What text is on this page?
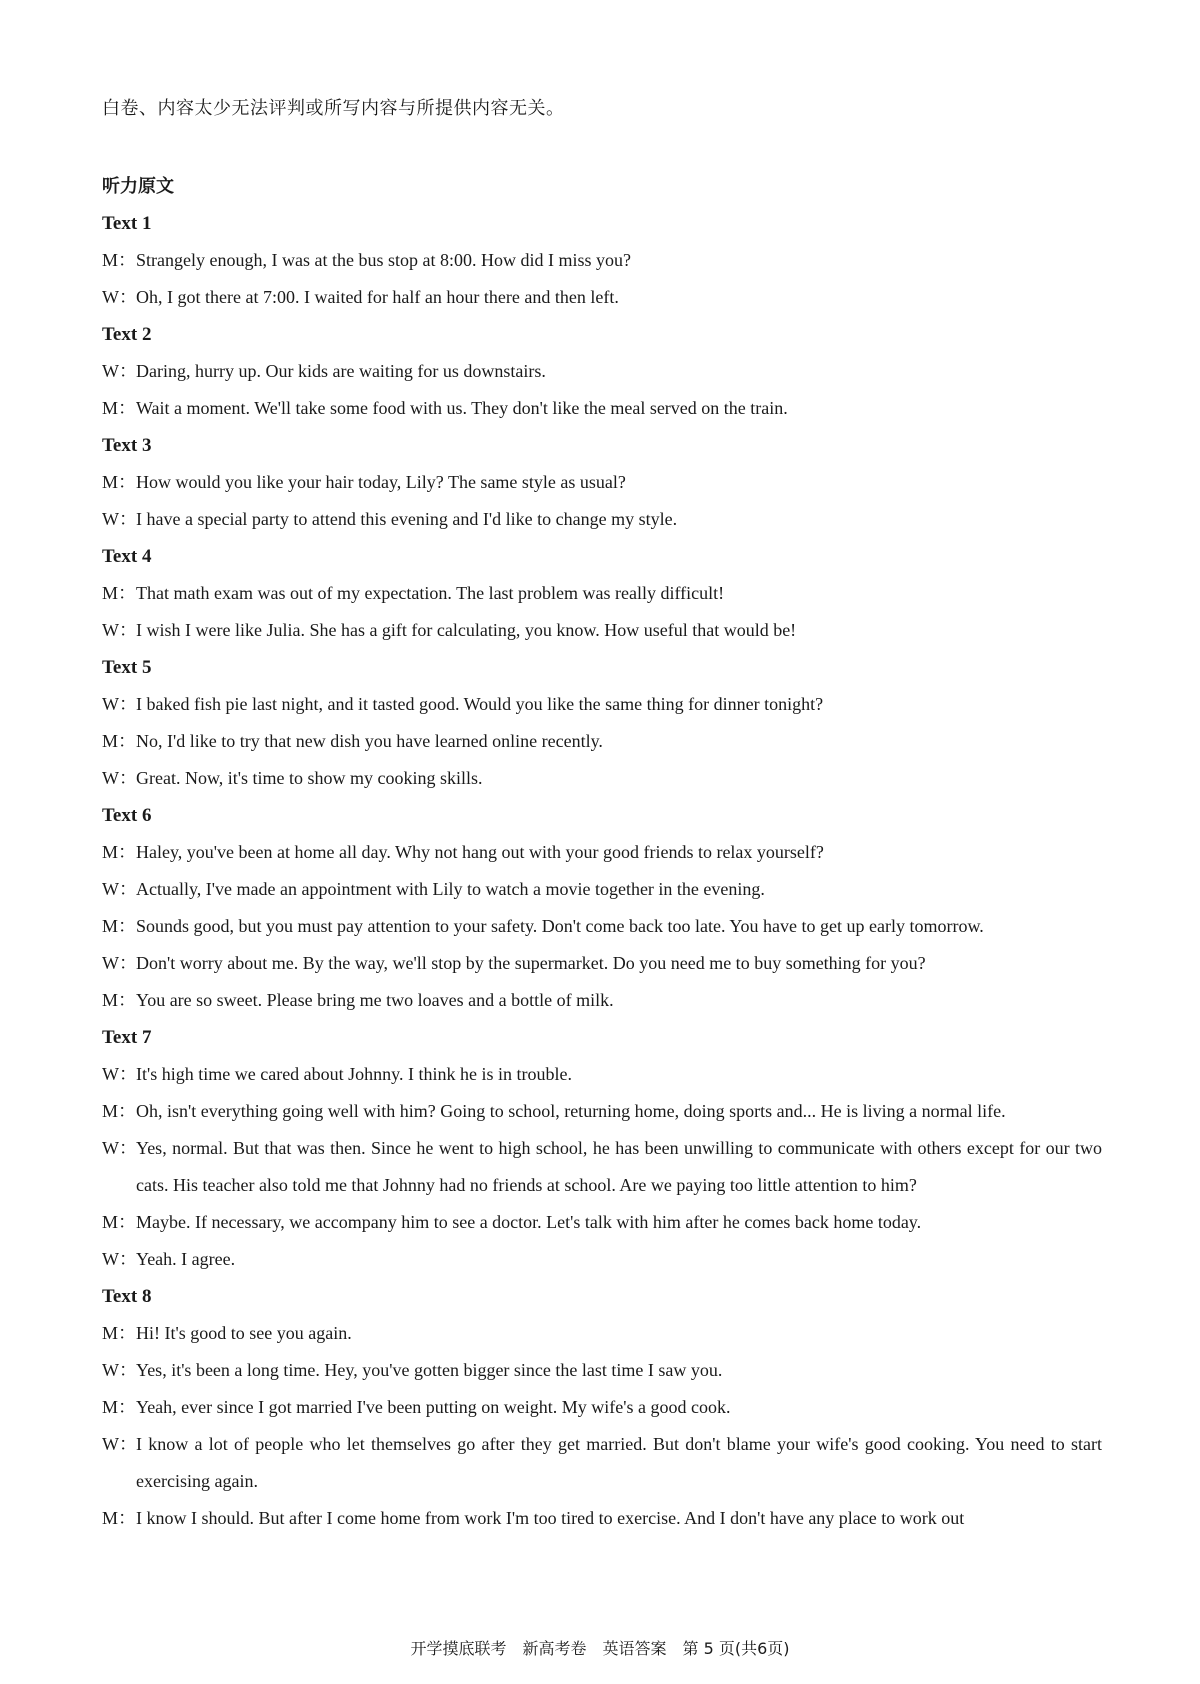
白卷、内容太少无法评判或所写内容与所提供内容无关。
听力原文
Text 1
M： Strangely enough, I was at the bus stop at 8:00. How did I miss you?
W： Oh, I got there at 7:00. I waited for half an hour there and then left.
Text 2
W： Daring, hurry up. Our kids are waiting for us downstairs.
M： Wait a moment. We'll take some food with us. They don't like the meal served on the train.
Text 3
M： How would you like your hair today, Lily? The same style as usual?
W： I have a special party to attend this evening and I'd like to change my style.
Text 4
M： That math exam was out of my expectation. The last problem was really difficult!
W： I wish I were like Julia. She has a gift for calculating, you know. How useful that would be!
Text 5
W： I baked fish pie last night, and it tasted good. Would you like the same thing for dinner tonight?
M： No, I'd like to try that new dish you have learned online recently.
W： Great. Now, it's time to show my cooking skills.
Text 6
M： Haley, you've been at home all day. Why not hang out with your good friends to relax yourself?
W： Actually, I've made an appointment with Lily to watch a movie together in the evening.
M： Sounds good, but you must pay attention to your safety. Don't come back too late. You have to get up early tomorrow.
W： Don't worry about me. By the way, we'll stop by the supermarket. Do you need me to buy something for you?
M： You are so sweet. Please bring me two loaves and a bottle of milk.
Text 7
W： It's high time we cared about Johnny. I think he is in trouble.
M： Oh, isn't everything going well with him? Going to school, returning home, doing sports and... He is living a normal life.
W： Yes, normal. But that was then. Since he went to high school, he has been unwilling to communicate with others except for our two cats. His teacher also told me that Johnny had no friends at school. Are we paying too little attention to him?
M： Maybe. If necessary, we accompany him to see a doctor. Let's talk with him after he comes back home today.
W： Yeah. I agree.
Text 8
M： Hi! It's good to see you again.
W： Yes, it's been a long time. Hey, you've gotten bigger since the last time I saw you.
M： Yeah, ever since I got married I've been putting on weight. My wife's a good cook.
W： I know a lot of people who let themselves go after they get married. But don't blame your wife's good cooking. You need to start exercising again.
M： I know I should. But after I come home from work I'm too tired to exercise. And I don't have any place to work out
开学摸底联考　新高考卷　英语答案　第 5 页(共6页)
